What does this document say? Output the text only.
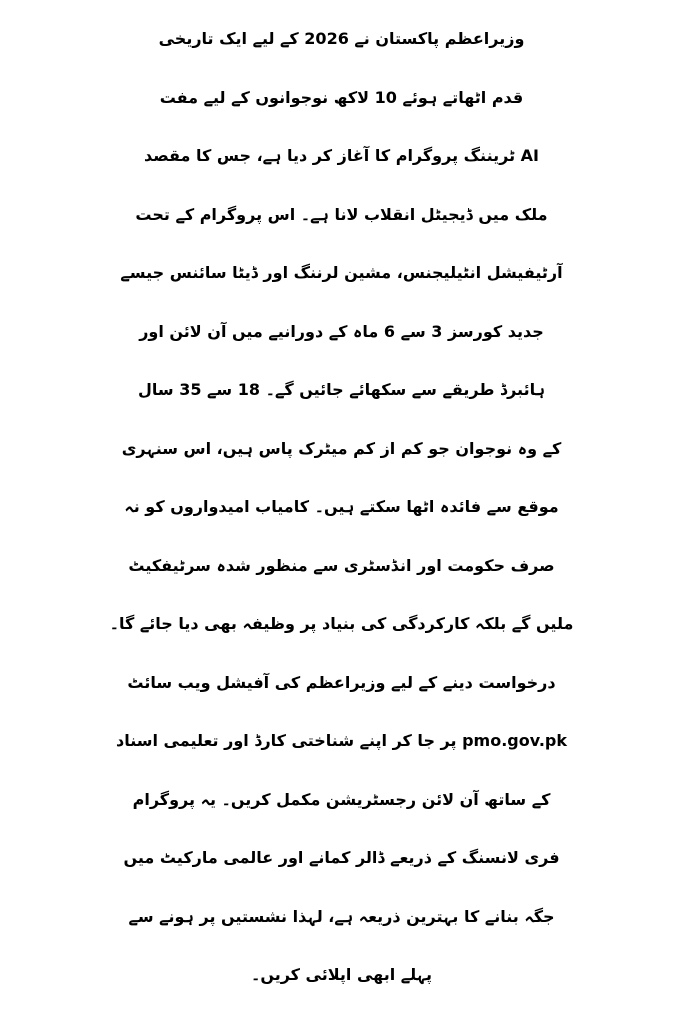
وزیراعظم پاکستان نے 2026 کے لیے ایک تاریخی
قدم اٹھاتے ہوئے 10 لاکھ نوجوانوں کے لیے مفت
AI ٹریننگ پروگرام کا آغاز کر دیا ہے، جس کا مقصد
ملک میں ڈیجیٹل انقلاب لانا ہے۔ اس پروگرام کے تحت
آرٹیفیشل انٹیلیجنس، مشین لرننگ اور ڈیٹا سائنس جیسے
جدید کورسز 3 سے 6 ماہ کے دورانیے میں آن لائن اور
ہائبرڈ طریقے سے سکھائے جائیں گے۔ 18 سے 35 سال
کے وہ نوجوان جو کم از کم میٹرک پاس ہیں، اس سنہری
موقع سے فائدہ اٹھا سکتے ہیں۔ کامیاب امیدواروں کو نہ
صرف حکومت اور انڈسٹری سے منظور شدہ سرٹیفکیٹ
ملیں گے بلکہ کارکردگی کی بنیاد پر وظیفہ بھی دیا جائے گا۔
درخواست دینے کے لیے وزیراعظم کی آفیشل ویب سائٹ
pmo.gov.pk پر جا کر اپنے شناختی کارڈ اور تعلیمی اسناد
کے ساتھ آن لائن رجسٹریشن مکمل کریں۔ یہ پروگرام
فری لانسنگ کے ذریعے ڈالر کمانے اور عالمی مارکیٹ میں
جگہ بنانے کا بہترین ذریعہ ہے، لہذا نشستیں پر ہونے سے
پہلے ابھی اپلائی کریں۔
